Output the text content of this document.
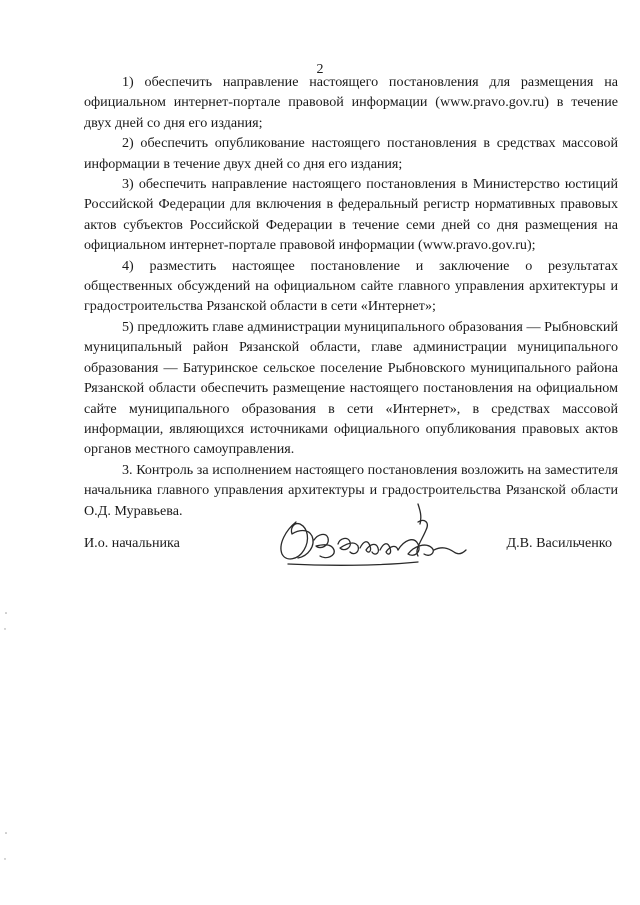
2

1) обеспечить направление настоящего постановления для размещения на официальном интернет-портале правовой информации (www.pravo.gov.ru) в течение двух дней со дня его издания;

2) обеспечить опубликование настоящего постановления в средствах массовой информации в течение двух дней со дня его издания;

3) обеспечить направление настоящего постановления в Министерство юстиций Российской Федерации для включения в федеральный регистр нормативных правовых актов субъектов Российской Федерации в течение семи дней со дня размещения на официальном интернет-портале правовой информации (www.pravo.gov.ru);

4) разместить настоящее постановление и заключение о результатах общественных обсуждений на официальном сайте главного управления архитектуры и градостроительства Рязанской области в сети «Интернет»;

5) предложить главе администрации муниципального образования — Рыбновский муниципальный район Рязанской области, главе администрации муниципального образования — Батуринское сельское поселение Рыбновского муниципального района Рязанской области обеспечить размещение настоящего постановления на официальном сайте муниципального образования в сети «Интернет», в средствах массовой информации, являющихся источниками официального опубликования правовых актов органов местного самоуправления.

3. Контроль за исполнением настоящего постановления возложить на заместителя начальника главного управления архитектуры и градостроительства Рязанской области О.Д. Муравьева.

И.о. начальника	Д.В. Васильченко
